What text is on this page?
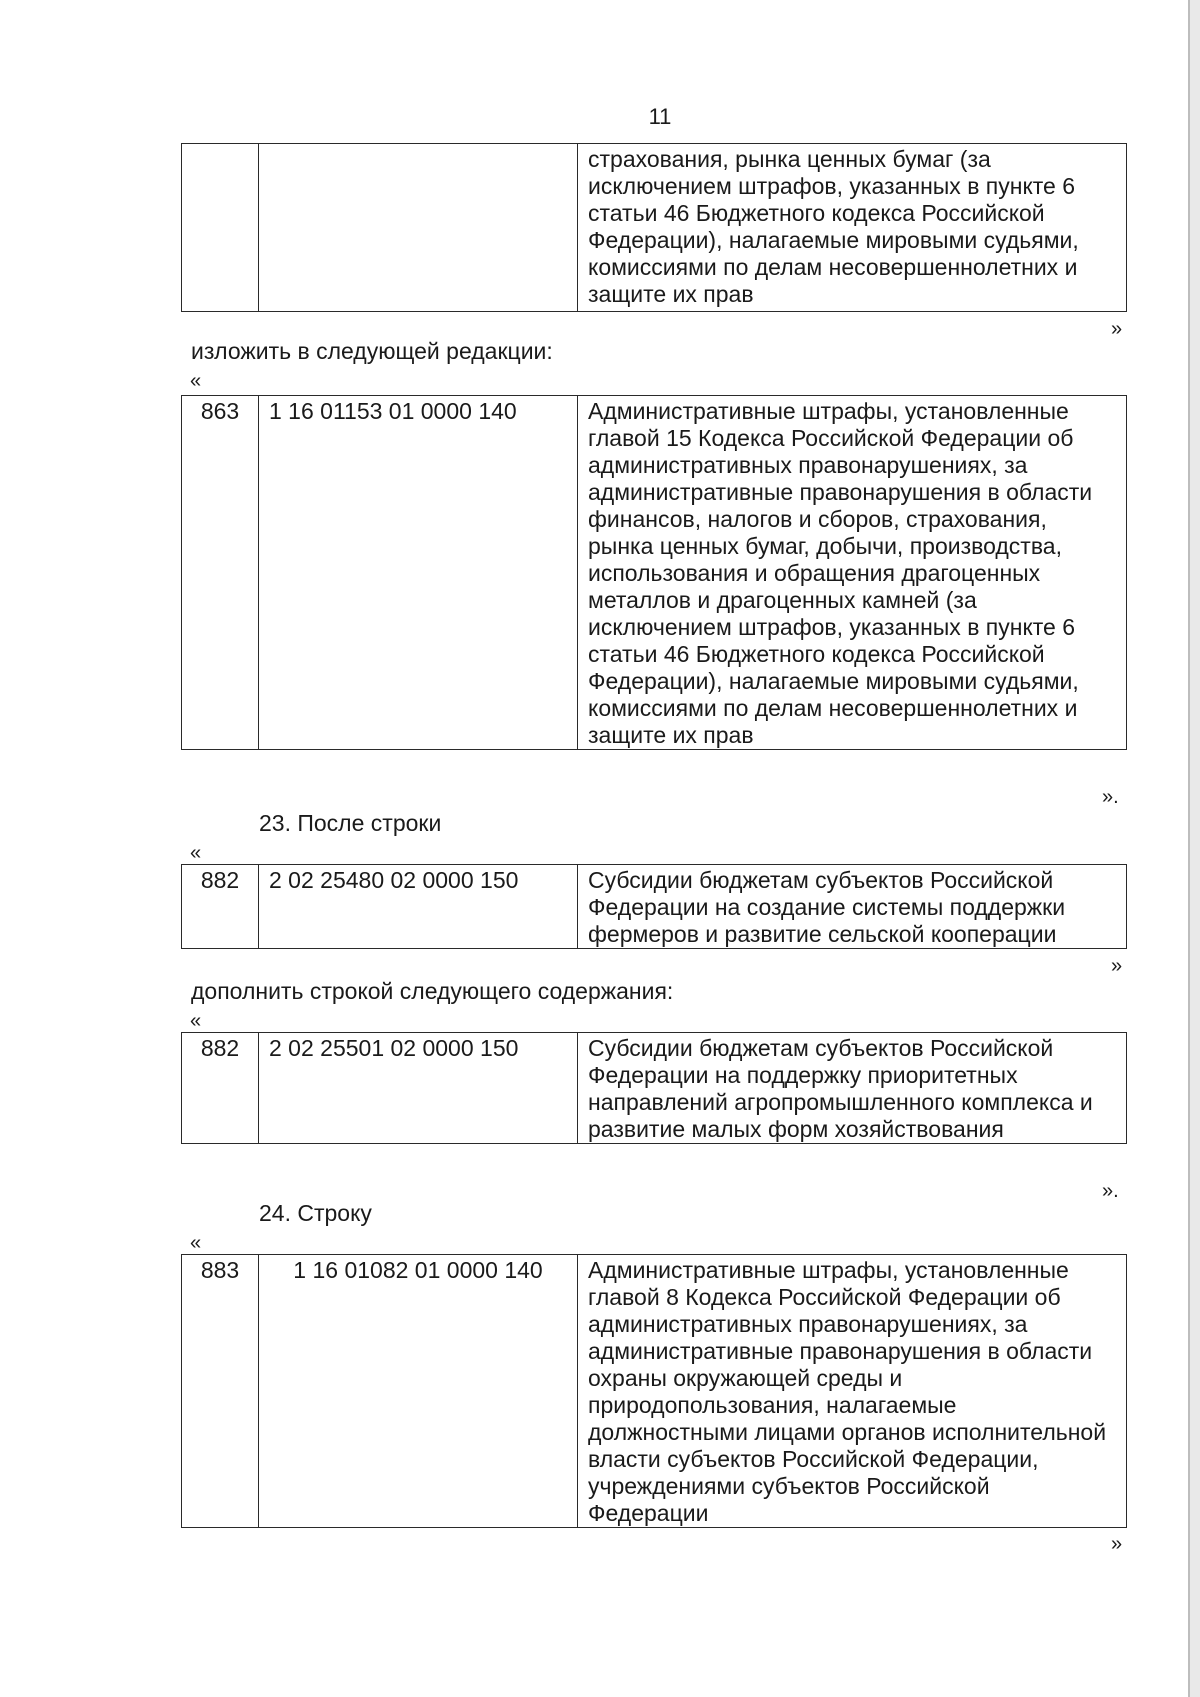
11
		страхования, рынка ценных бумаг (за исключением штрафов, указанных в пункте 6 статьи 46 Бюджетного кодекса Российской Федерации), налагаемые мировыми судьями, комиссиями по делам несовершеннолетних и защите их прав
»
изложить в следующей редакции:
«
863	1 16 01153 01 0000 140	Административные штрафы, установленные главой 15 Кодекса Российской Федерации об административных правонарушениях, за административные правонарушения в области финансов, налогов и сборов, страхования, рынка ценных бумаг, добычи, производства, использования и обращения драгоценных металлов и драгоценных камней (за исключением штрафов, указанных в пункте 6 статьи 46 Бюджетного кодекса Российской Федерации), налагаемые мировыми судьями, комиссиями по делам несовершеннолетних и защите их прав
».
23. После строки
«
882	2 02 25480 02 0000 150	Субсидии бюджетам субъектов Российской Федерации на создание системы поддержки фермеров и развитие сельской кооперации
»
дополнить строкой следующего содержания:
«
882	2 02 25501 02 0000 150	Субсидии бюджетам субъектов Российской Федерации на поддержку приоритетных направлений агропромышленного комплекса и развитие малых форм хозяйствования
».
24. Строку
«
883	1 16 01082 01 0000 140	Административные штрафы, установленные главой 8 Кодекса Российской Федерации об административных правонарушениях, за административные правонарушения в области охраны окружающей среды и природопользования, налагаемые должностными лицами органов исполнительной власти субъектов Российской Федерации, учреждениями субъектов Российской Федерации
»
